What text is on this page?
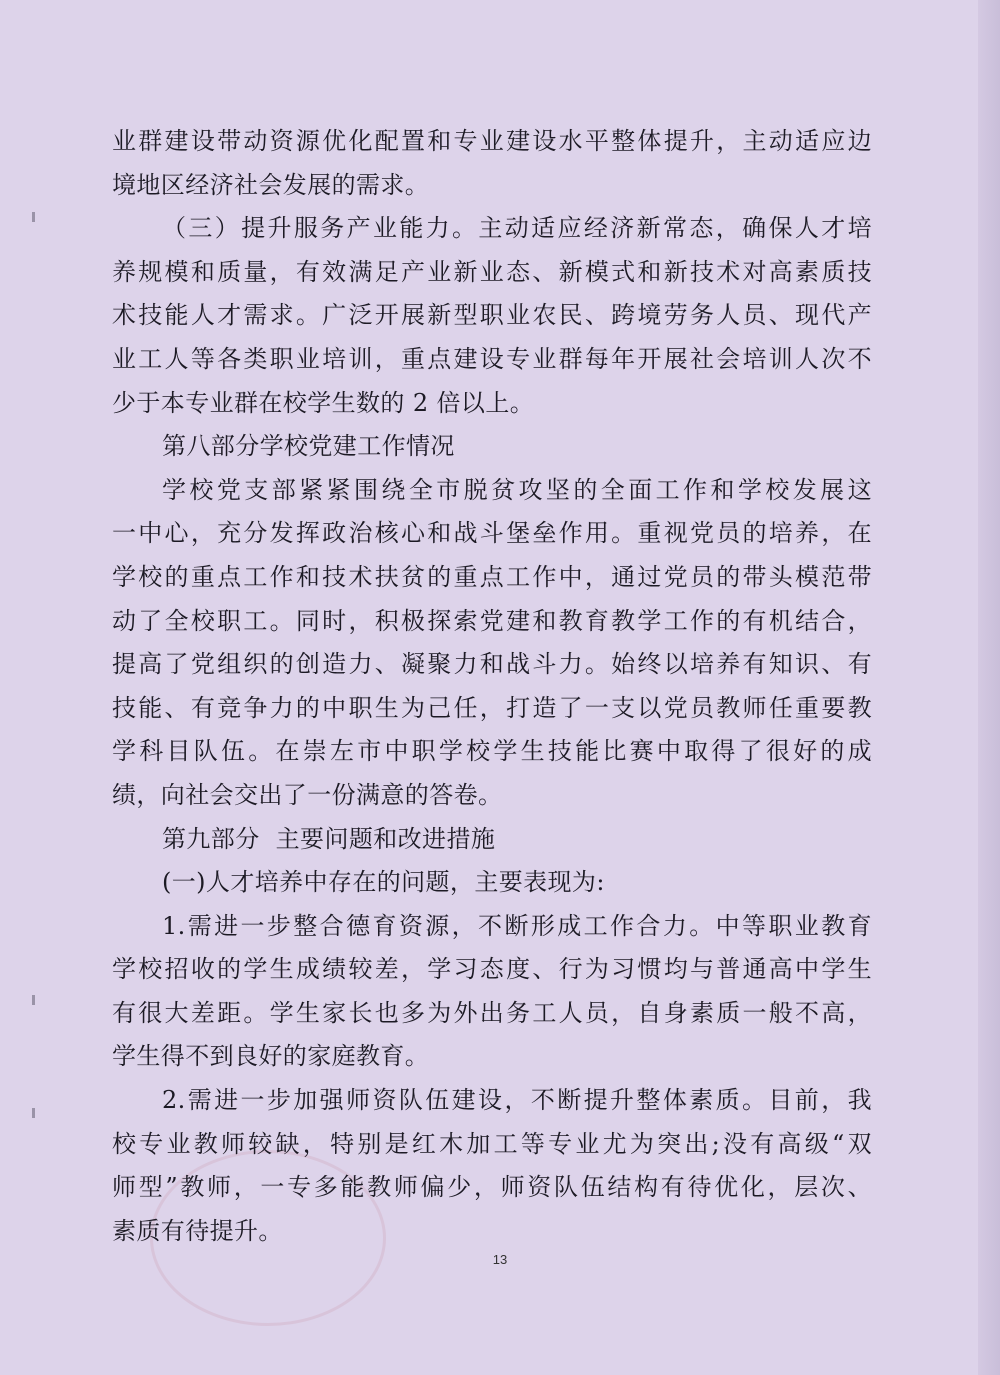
业群建设带动资源优化配置和专业建设水平整体提升，主动适应边
境地区经济社会发展的需求。
（三）提升服务产业能力。主动适应经济新常态，确保人才培
养规模和质量，有效满足产业新业态、新模式和新技术对高素质技
术技能人才需求。广泛开展新型职业农民、跨境劳务人员、现代产
业工人等各类职业培训，重点建设专业群每年开展社会培训人次不
少于本专业群在校学生数的 2 倍以上。
第八部分学校党建工作情况
学校党支部紧紧围绕全市脱贫攻坚的全面工作和学校发展这
一中心，充分发挥政治核心和战斗堡垒作用。重视党员的培养，在
学校的重点工作和技术扶贫的重点工作中，通过党员的带头模范带
动了全校职工。同时，积极探索党建和教育教学工作的有机结合，
提高了党组织的创造力、凝聚力和战斗力。始终以培养有知识、有
技能、有竞争力的中职生为己任，打造了一支以党员教师任重要教
学科目队伍。在崇左市中职学校学生技能比赛中取得了很好的成
绩，向社会交出了一份满意的答卷。
第九部分  主要问题和改进措施
(一)人才培养中存在的问题，主要表现为:
1.需进一步整合德育资源，不断形成工作合力。中等职业教育
学校招收的学生成绩较差，学习态度、行为习惯均与普通高中学生
有很大差距。学生家长也多为外出务工人员，自身素质一般不高，
学生得不到良好的家庭教育。
2.需进一步加强师资队伍建设，不断提升整体素质。目前，我
校专业教师较缺，特别是红木加工等专业尤为突出;没有高级“双
师型”教师，一专多能教师偏少，师资队伍结构有待优化，层次、
素质有待提升。
13
